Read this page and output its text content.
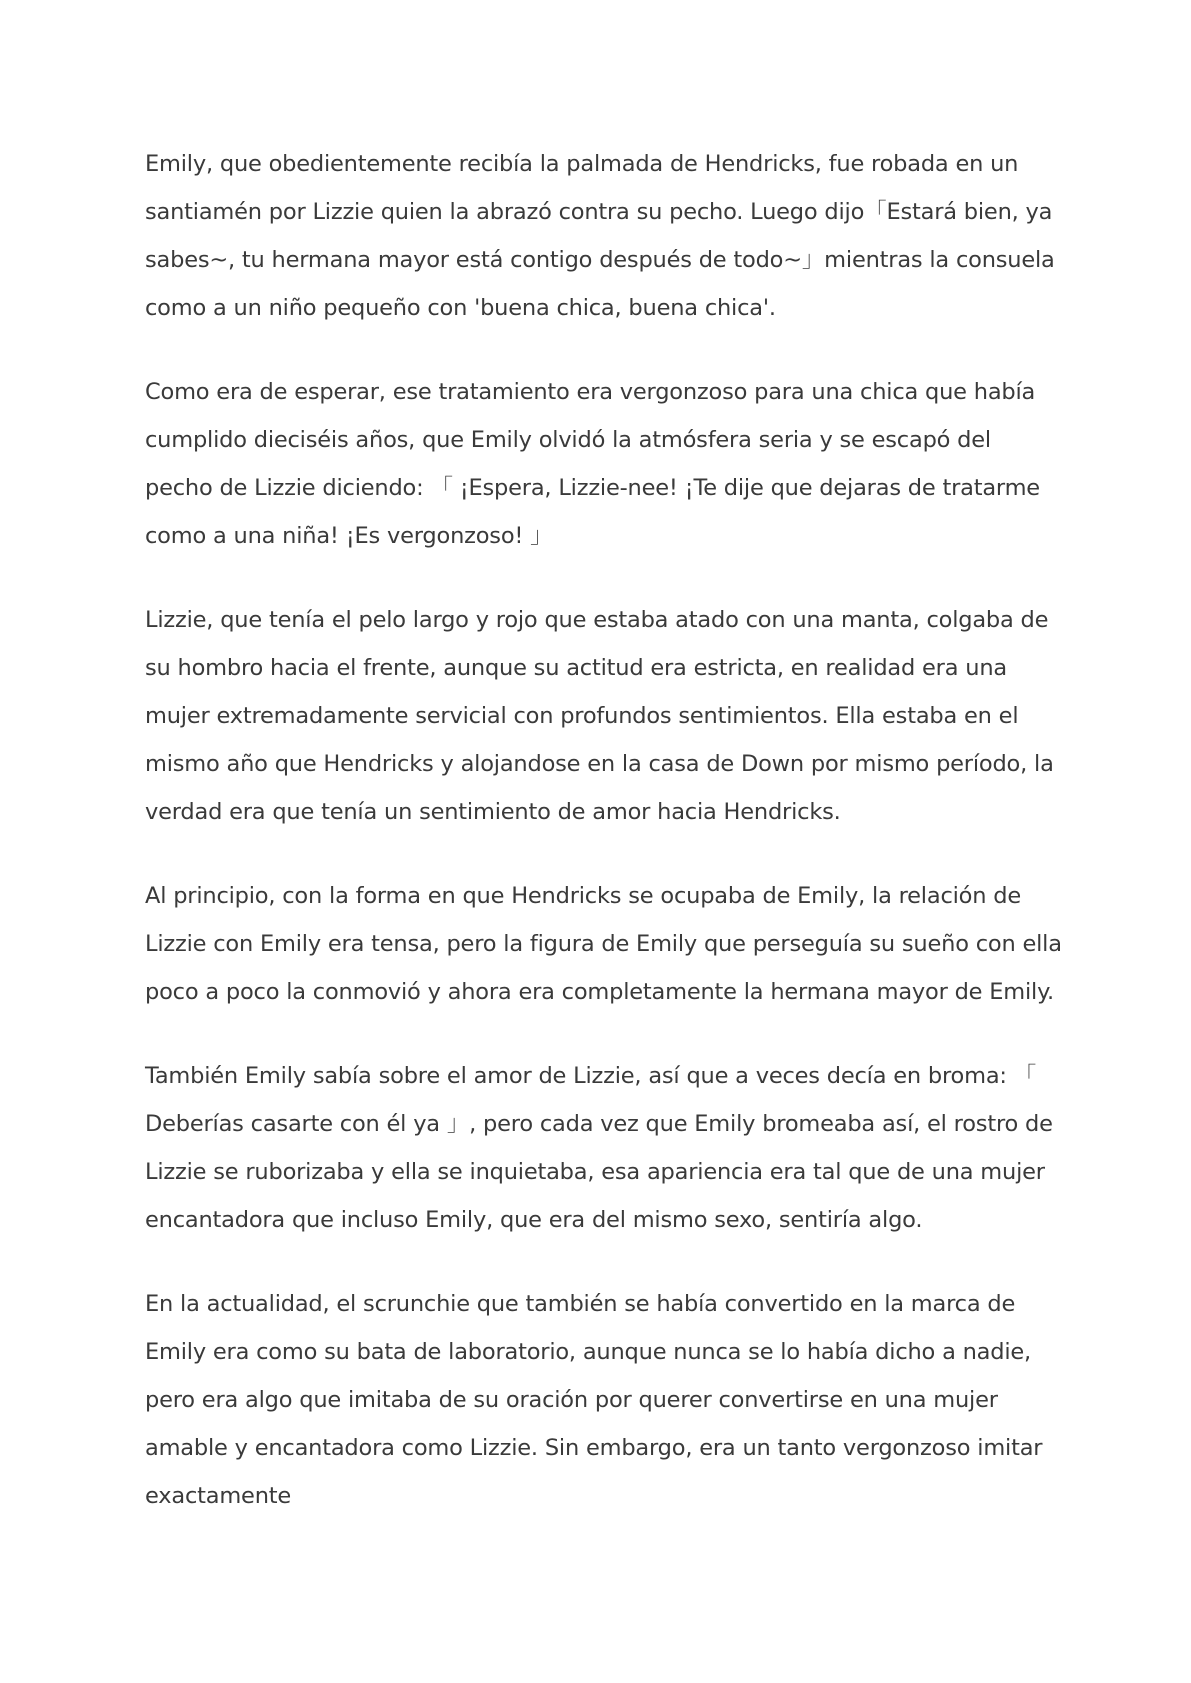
Emily, que obedientemente recibía la palmada de Hendricks, fue robada en un santiamén por Lizzie quien la abrazó contra su pecho. Luego dijo「Estará bien, ya sabes~, tu hermana mayor está contigo después de todo~」mientras la consuela como a un niño pequeño con 'buena chica, buena chica'.

Como era de esperar, ese tratamiento era vergonzoso para una chica que había cumplido dieciséis años, que Emily olvidó la atmósfera seria y se escapó del pecho de Lizzie diciendo: 「 ¡Espera, Lizzie-nee! ¡Te dije que dejaras de tratarme como a una niña! ¡Es vergonzoso! 」

Lizzie, que tenía el pelo largo y rojo que estaba atado con una manta, colgaba de su hombro hacia el frente, aunque su actitud era estricta, en realidad era una mujer extremadamente servicial con profundos sentimientos. Ella estaba en el mismo año que Hendricks y alojandose en la casa de Down por mismo período, la verdad era que tenía un sentimiento de amor hacia Hendricks.

Al principio, con la forma en que Hendricks se ocupaba de Emily, la relación de Lizzie con Emily era tensa, pero la figura de Emily que perseguía su sueño con ella poco a poco la conmovió y ahora era completamente la hermana mayor de Emily.

También Emily sabía sobre el amor de Lizzie, así que a veces decía en broma: 「 Deberías casarte con él ya 」, pero cada vez que Emily bromeaba así, el rostro de Lizzie se ruborizaba y ella se inquietaba, esa apariencia era tal que de una mujer encantadora que incluso Emily, que era del mismo sexo, sentiría algo.

En la actualidad, el scrunchie que también se había convertido en la marca de Emily era como su bata de laboratorio, aunque nunca se lo había dicho a nadie, pero era algo que imitaba de su oración por querer convertirse en una mujer amable y encantadora como Lizzie. Sin embargo, era un tanto vergonzoso imitar exactamente
